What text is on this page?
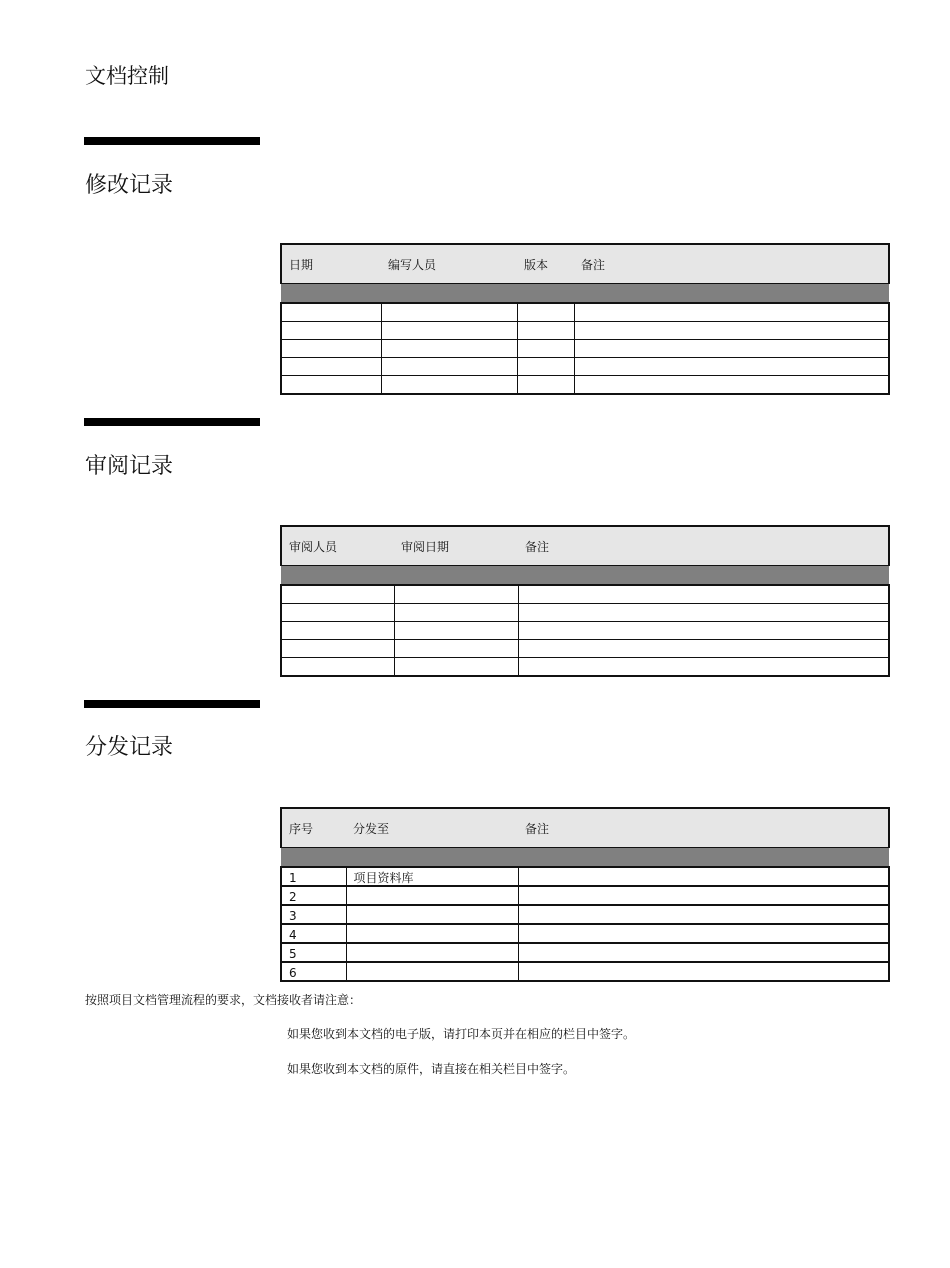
文档控制
修改记录
日期	编写人员	版本	备注

审阅记录
审阅人员	审阅日期	备注

分发记录
序号	分发至	备注

1	项目资料库	
2		
3		
4		
5		
6		

按照项目文档管理流程的要求，文档接收者请注意：

如果您收到本文档的电子版，请打印本页并在相应的栏目中签字。

如果您收到本文档的原件，请直接在相关栏目中签字。
